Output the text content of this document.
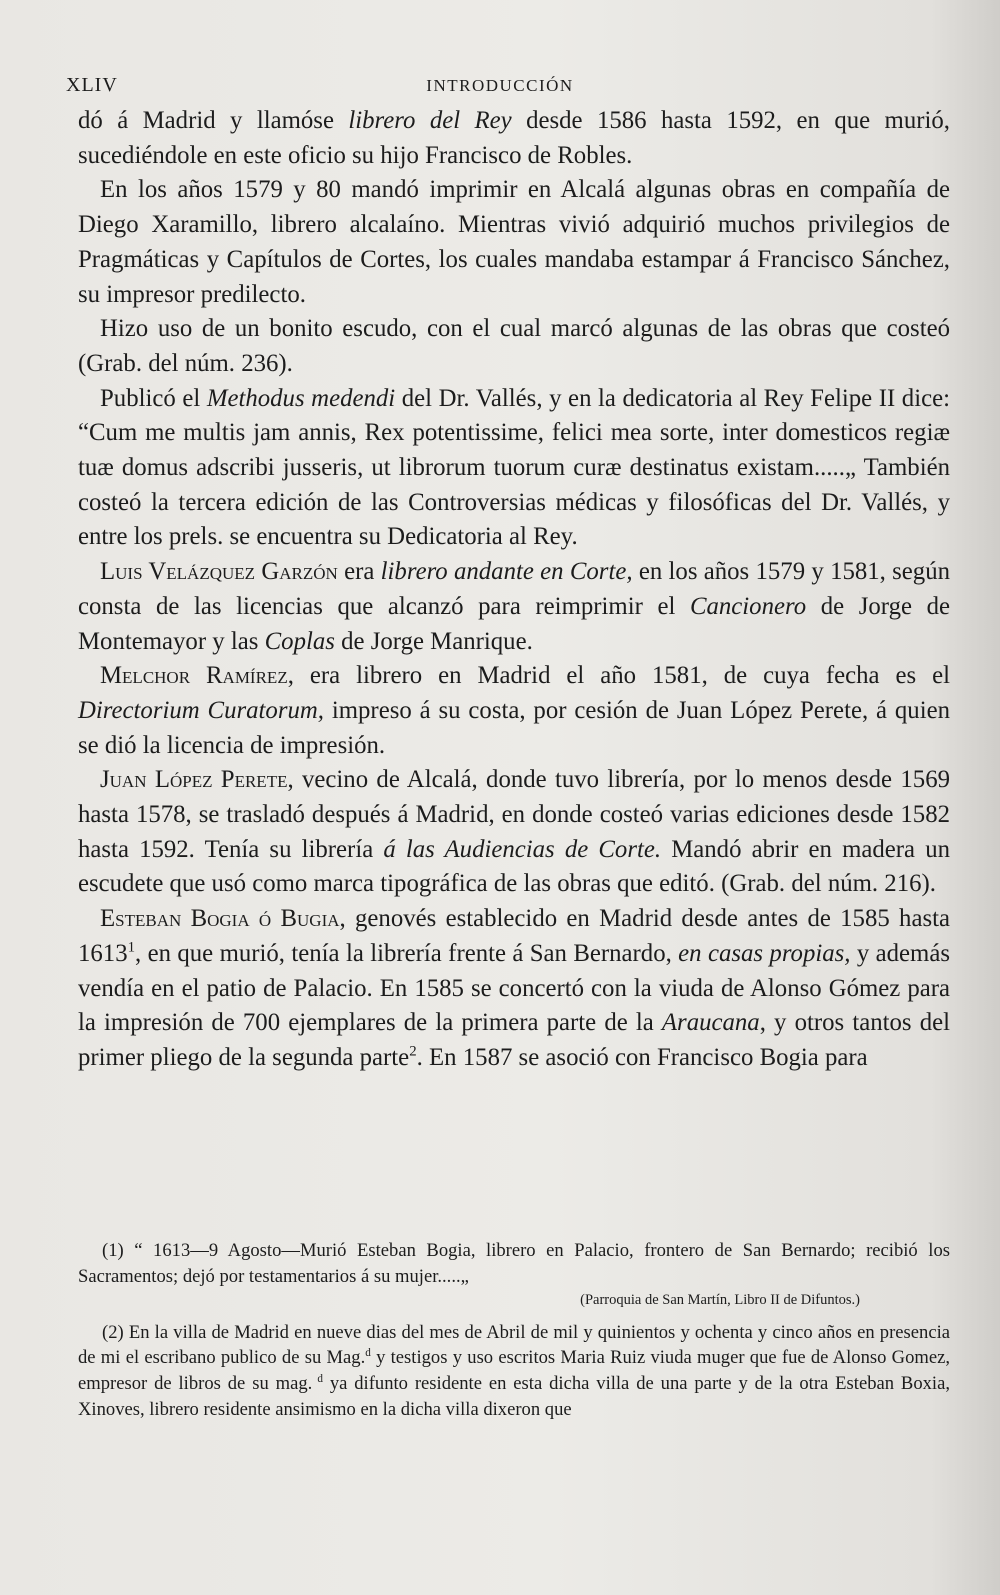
XLIV	INTRODUCCIÓN

dó á Madrid y llamóse librero del Rey desde 1586 hasta 1592, en que murió, sucediéndole en este oficio su hijo Francisco de Robles.

En los años 1579 y 80 mandó imprimir en Alcalá algunas obras en compañía de Diego Xaramillo, librero alcalaíno. Mientras vivió adquirió muchos privilegios de Pragmáticas y Capítulos de Cortes, los cuales mandaba estampar á Francisco Sánchez, su impresor predilecto.

Hizo uso de un bonito escudo, con el cual marcó algunas de las obras que costeó (Grab. del núm. 236).

Publicó el Methodus medendi del Dr. Vallés, y en la dedicatoria al Rey Felipe II dice: “Cum me multis jam annis, Rex potentissime, felici mea sorte, inter domesticos regiæ tuæ domus adscribi jusseris, ut librorum tuorum curæ destinatus existam.....„ También costeó la tercera edición de las Controversias médicas y filosóficas del Dr. Vallés, y entre los prels. se encuentra su Dedicatoria al Rey.

Luis Velázquez Garzón era librero andante en Corte, en los años 1579 y 1581, según consta de las licencias que alcanzó para reimprimir el Cancionero de Jorge de Montemayor y las Coplas de Jorge Manrique.

Melchor Ramírez, era librero en Madrid el año 1581, de cuya fecha es el Directorium Curatorum, impreso á su costa, por cesión de Juan López Perete, á quien se dió la licencia de impresión.

Juan López Perete, vecino de Alcalá, donde tuvo librería, por lo menos desde 1569 hasta 1578, se trasladó después á Madrid, en donde costeó varias ediciones desde 1582 hasta 1592. Tenía su librería á las Audiencias de Corte. Mandó abrir en madera un escudete que usó como marca tipográfica de las obras que editó. (Grab. del núm. 216).

Esteban Bogia ó Bugia, genovés establecido en Madrid desde antes de 1585 hasta 1613$^1$, en que murió, tenía la librería frente á San Bernardo, en casas propias, y además vendía en el patio de Palacio. En 1585 se concertó con la viuda de Alonso Gómez para la impresión de 700 ejemplares de la primera parte de la Araucana, y otros tantos del primer pliego de la segunda parte$^2$. En 1587 se asoció con Francisco Bogia para

(1) “ 1613—9 Agosto—Murió Esteban Bogia, librero en Palacio, frontero de San Bernardo; recibió los Sacramentos; dejó por testamentarios á su mujer.....„
(Parroquia de San Martín, Libro II de Difuntos.)

(2) En la villa de Madrid en nueve dias del mes de Abril de mil y quinientos y ochenta y cinco años en presencia de mi el escribano publico de su Mag.$^d$ y testigos y uso escritos Maria Ruiz viuda muger que fue de Alonso Gomez, empresor de libros de su mag. $^d$ ya difunto residente en esta dicha villa de una parte y de la otra Esteban Boxia, Xinoves, librero residente ansimismo en la dicha villa dixeron que
